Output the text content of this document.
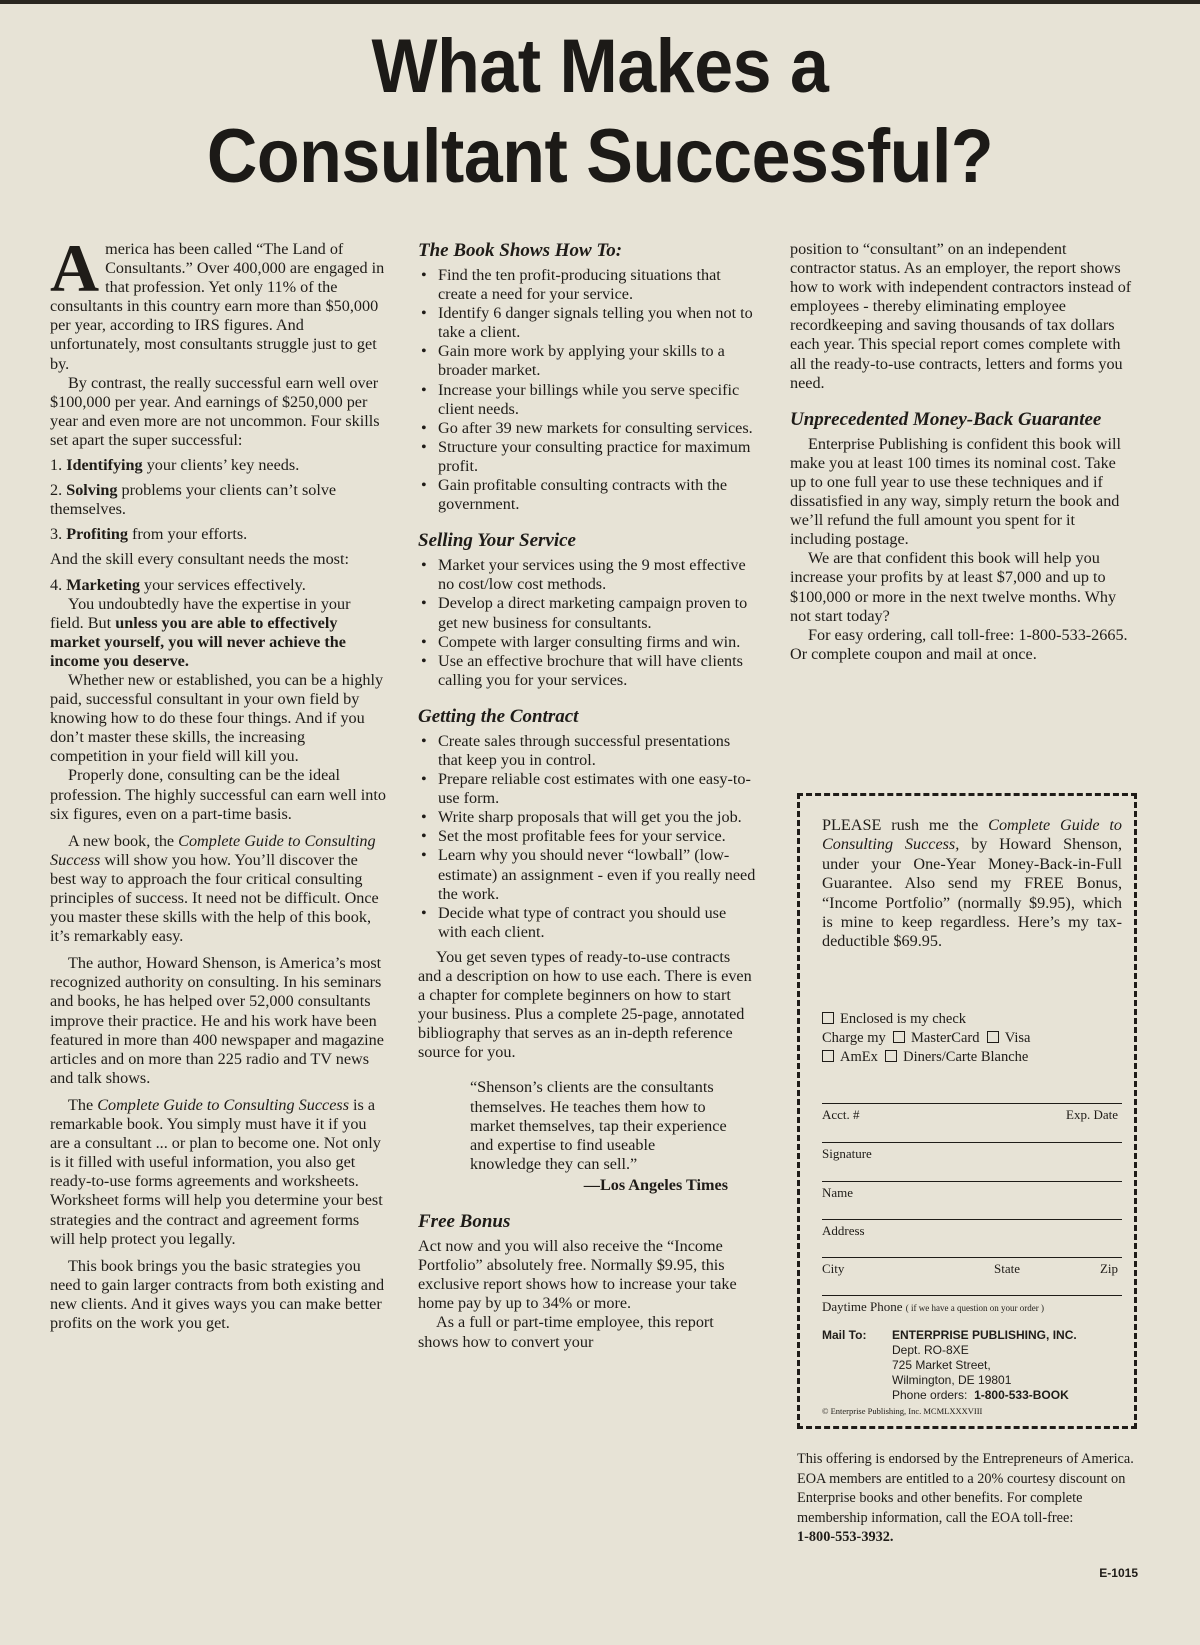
What Makes a
Consultant Successful?

America has been called “The Land of Consultants.” Over 400,000 are engaged in that profession. Yet only 11% of the consultants in this country earn more than $50,000 per year, according to IRS figures. And unfortunately, most consultants struggle just to get by.

By contrast, the really successful earn well over $100,000 per year. And earnings of $250,000 per year and even more are not uncommon. Four skills set apart the super successful:

1. Identifying your clients’ key needs.

2. Solving problems your clients can’t solve themselves.

3. Profiting from your efforts.

And the skill every consultant needs the most:

4. Marketing your services effectively.

You undoubtedly have the expertise in your field. But unless you are able to effectively market yourself, you will never achieve the income you deserve.

Whether new or established, you can be a highly paid, successful consultant in your own field by knowing how to do these four things. And if you don’t master these skills, the increasing competition in your field will kill you.

Properly done, consulting can be the ideal profession. The highly successful can earn well into six figures, even on a part-time basis.

A new book, the Complete Guide to Consulting Success will show you how. You’ll discover the best way to approach the four critical consulting principles of success. It need not be difficult. Once you master these skills with the help of this book, it’s remarkably easy.

The author, Howard Shenson, is America’s most recognized authority on consulting. In his seminars and books, he has helped over 52,000 consultants improve their practice. He and his work have been featured in more than 400 newspaper and magazine articles and on more than 225 radio and TV news and talk shows.

The Complete Guide to Consulting Success is a remarkable book. You simply must have it if you are a consultant ... or plan to become one. Not only is it filled with useful information, you also get ready-to-use forms agreements and worksheets. Worksheet forms will help you determine your best strategies and the contract and agreement forms will help protect you legally.

This book brings you the basic strategies you need to gain larger contracts from both existing and new clients. And it gives ways you can make better profits on the work you get.

The Book Shows How To:
• Find the ten profit-producing situations that create a need for your service.
• Identify 6 danger signals telling you when not to take a client.
• Gain more work by applying your skills to a broader market.
• Increase your billings while you serve specific client needs.
• Go after 39 new markets for consulting services.
• Structure your consulting practice for maximum profit.
• Gain profitable consulting contracts with the government.
Selling Your Service
• Market your services using the 9 most effective no cost/low cost methods.
• Develop a direct marketing campaign proven to get new business for consultants.
• Compete with larger consulting firms and win.
• Use an effective brochure that will have clients calling you for your services.
Getting the Contract
• Create sales through successful presentations that keep you in control.
• Prepare reliable cost estimates with one easy-to-use form.
• Write sharp proposals that will get you the job.
• Set the most profitable fees for your service.
• Learn why you should never “lowball” (low-estimate) an assignment - even if you really need the work.
• Decide what type of contract you should use with each client.

You get seven types of ready-to-use contracts and a description on how to use each. There is even a chapter for complete beginners on how to start your business. Plus a complete 25-page, annotated bibliography that serves as an in-depth reference source for you.

“Shenson’s clients are the consultants themselves. He teaches them how to market themselves, tap their experience and expertise to find useable knowledge they can sell.”

—Los Angeles Times

Free Bonus

Act now and you will also receive the “Income Portfolio” absolutely free. Normally $9.95, this exclusive report shows how to increase your take home pay by up to 34% or more.

As a full or part-time employee, this report shows how to convert your

position to “consultant” on an independent contractor status. As an employer, the report shows how to work with independent contractors instead of employees - thereby eliminating employee recordkeeping and saving thousands of tax dollars each year. This special report comes complete with all the ready-to-use contracts, letters and forms you need.

Unprecedented Money-Back Guarantee

Enterprise Publishing is confident this book will make you at least 100 times its nominal cost. Take up to one full year to use these techniques and if dissatisfied in any way, simply return the book and we’ll refund the full amount you spent for it including postage.

We are that confident this book will help you increase your profits by at least $7,000 and up to $100,000 or more in the next twelve months. Why not start today?

For easy ordering, call toll-free: 1-800-533-2665. Or complete coupon and mail at once.

PLEASE rush me the Complete Guide to Consulting Success, by Howard Shenson, under your One-Year Money-Back-in-Full Guarantee. Also send my FREE Bonus, “Income Portfolio” (normally $9.95), which is mine to keep regardless. Here’s my tax-deductible $69.95.

Enclosed is my check
Charge my MasterCard Visa
AmEx Diners/Carte Blanche
Acct. #	Exp. Date
Signature
Name
Address
City	State	Zip
Daytime Phone ( if we have a question on your order )
Mail To: ENTERPRISE PUBLISHING, INC.
Dept. RO-8XE
725 Market Street,
Wilmington, DE 19801
Phone orders: 1-800-533-BOOK
© Enterprise Publishing, Inc. MCMLXXXVIII
This offering is endorsed by the Entrepreneurs of America. EOA members are entitled to a 20% courtesy discount on Enterprise books and other benefits. For complete membership information, call the EOA toll-free:
1-800-553-3932.
E-1015
